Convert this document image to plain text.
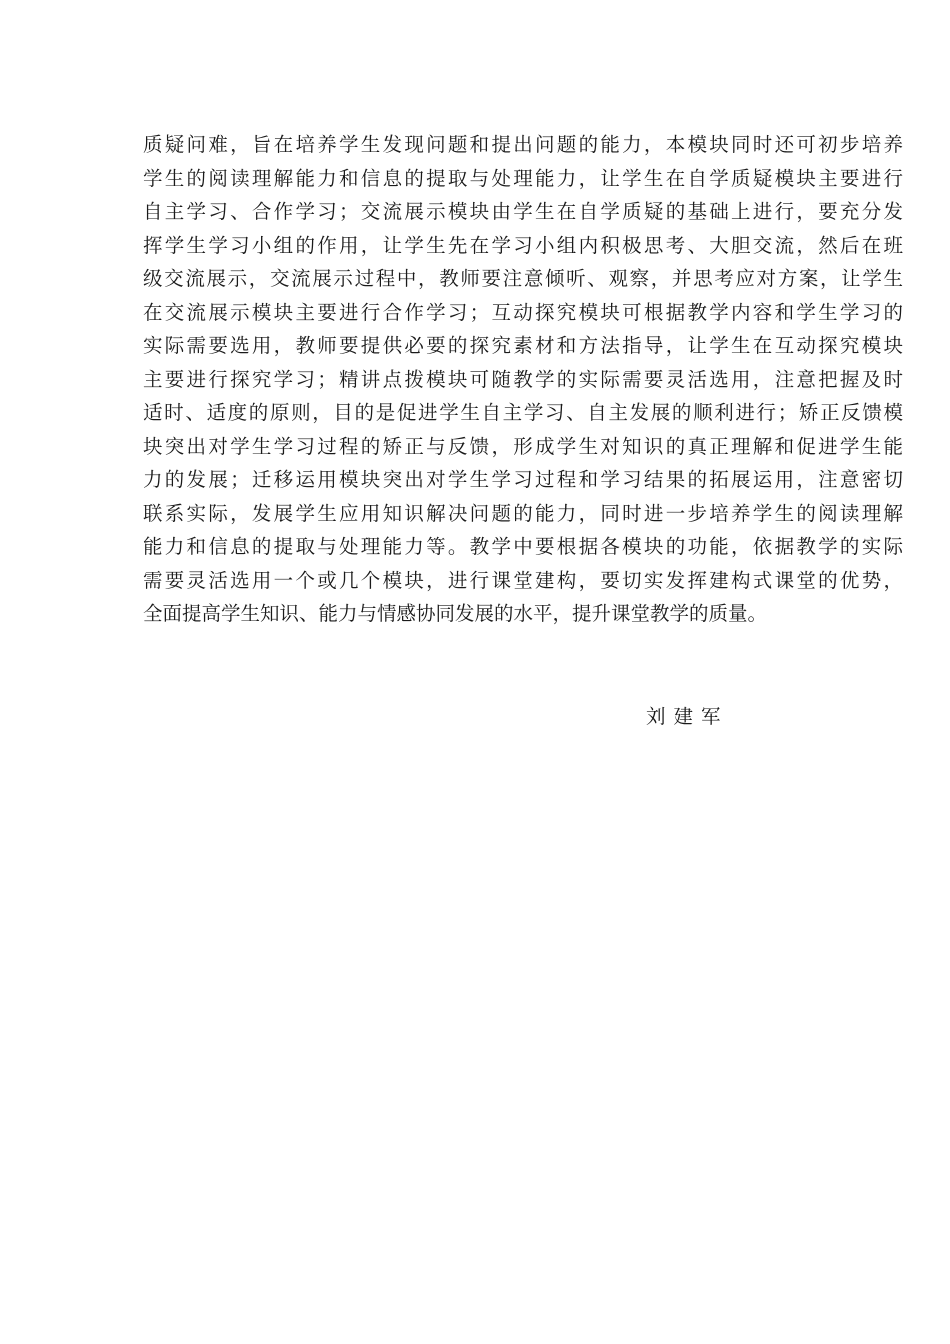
质疑问难，旨在培养学生发现问题和提出问题的能力，本模块同时还可初步培养
学生的阅读理解能力和信息的提取与处理能力，让学生在自学质疑模块主要进行
自主学习、合作学习；交流展示模块由学生在自学质疑的基础上进行，要充分发
挥学生学习小组的作用，让学生先在学习小组内积极思考、大胆交流，然后在班
级交流展示，交流展示过程中，教师要注意倾听、观察，并思考应对方案，让学生
在交流展示模块主要进行合作学习；互动探究模块可根据教学内容和学生学习的
实际需要选用，教师要提供必要的探究素材和方法指导，让学生在互动探究模块
主要进行探究学习；精讲点拨模块可随教学的实际需要灵活选用，注意把握及时
适时、适度的原则，目的是促进学生自主学习、自主发展的顺利进行；矫正反馈模
块突出对学生学习过程的矫正与反馈，形成学生对知识的真正理解和促进学生能
力的发展；迁移运用模块突出对学生学习过程和学习结果的拓展运用，注意密切
联系实际，发展学生应用知识解决问题的能力，同时进一步培养学生的阅读理解
能力和信息的提取与处理能力等。教学中要根据各模块的功能，依据教学的实际
需要灵活选用一个或几个模块，进行课堂建构，要切实发挥建构式课堂的优势，
全面提高学生知识、能力与情感协同发展的水平，提升课堂教学的质量。
刘建军
